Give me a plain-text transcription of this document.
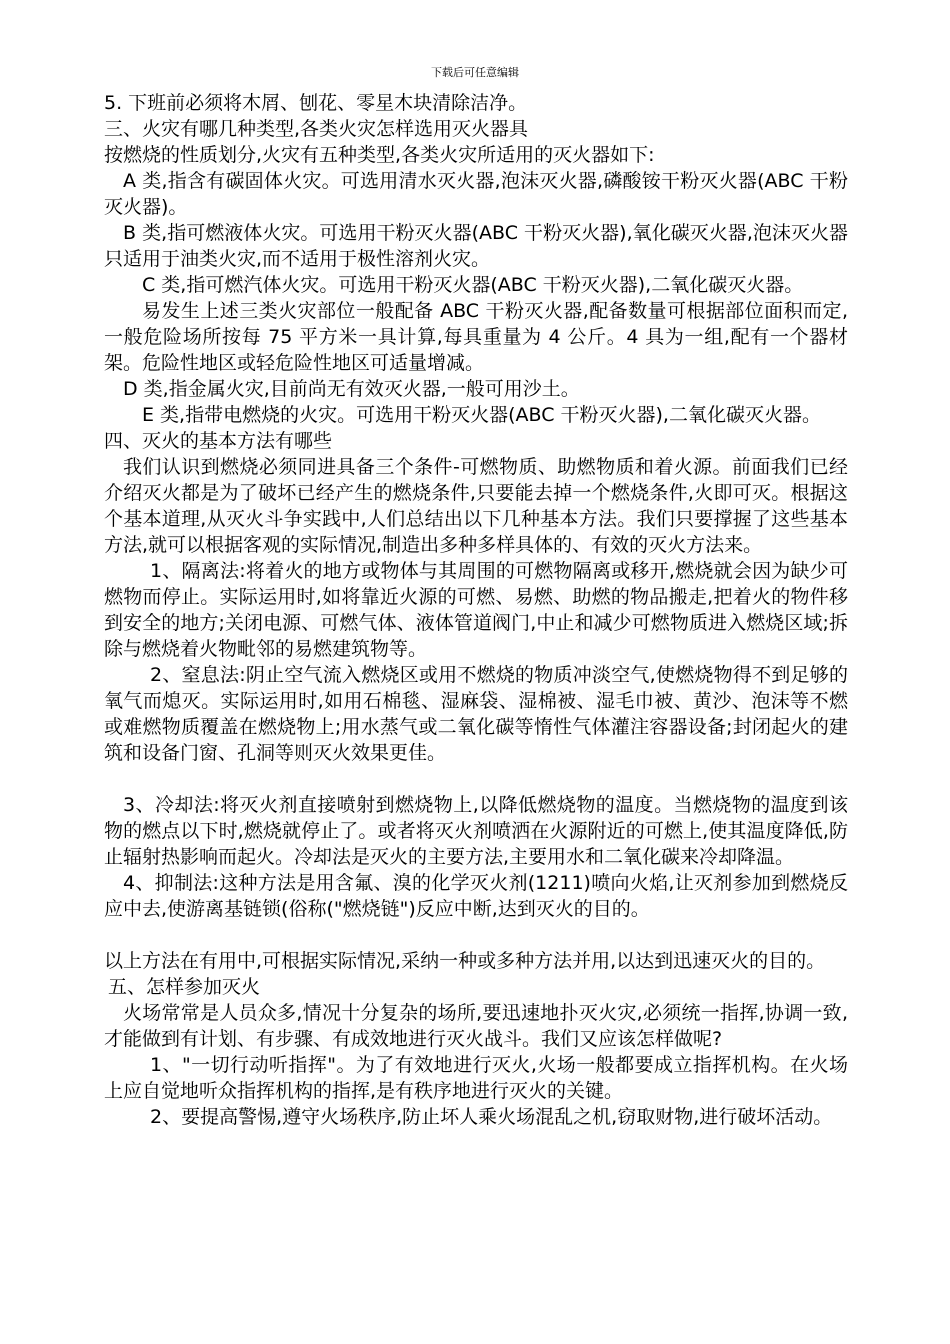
下载后可任意编辑

5. 下班前必须将木屑、刨花、零星木块清除洁净。

三、火灾有哪几种类型,各类火灾怎样选用灭火器具

按燃烧的性质划分,火灾有五种类型,各类火灾所适用的灭火器如下:

A 类,指含有碳固体火灾。可选用清水灭火器,泡沫灭火器,磷酸铵干粉灭火器(ABC 干粉灭火器)。

B 类,指可燃液体火灾。可选用干粉灭火器(ABC 干粉灭火器),氧化碳灭火器,泡沫灭火器只适用于油类火灾,而不适用于极性溶剂火灾。

C 类,指可燃汽体火灾。可选用干粉灭火器(ABC 干粉灭火器),二氧化碳灭火器。

易发生上述三类火灾部位一般配备 ABC 干粉灭火器,配备数量可根据部位面积而定,一般危险场所按每 75 平方米一具计算,每具重量为 4 公斤。4 具为一组,配有一个器材架。危险性地区或轻危险性地区可适量增减。

D 类,指金属火灾,目前尚无有效灭火器,一般可用沙土。

E 类,指带电燃烧的火灾。可选用干粉灭火器(ABC 干粉灭火器),二氧化碳灭火器。

四、灭火的基本方法有哪些

我们认识到燃烧必须同进具备三个条件-可燃物质、助燃物质和着火源。前面我们已经介绍灭火都是为了破坏已经产生的燃烧条件,只要能去掉一个燃烧条件,火即可灭。根据这个基本道理,从灭火斗争实践中,人们总结出以下几种基本方法。我们只要撑握了这些基本方法,就可以根据客观的实际情况,制造出多种多样具体的、有效的灭火方法来。

1、隔离法:将着火的地方或物体与其周围的可燃物隔离或移开,燃烧就会因为缺少可燃物而停止。实际运用时,如将靠近火源的可燃、易燃、助燃的物品搬走,把着火的物件移到安全的地方;关闭电源、可燃气体、液体管道阀门,中止和减少可燃物质进入燃烧区域;拆除与燃烧着火物毗邻的易燃建筑物等。

2、窒息法:阴止空气流入燃烧区或用不燃烧的物质冲淡空气,使燃烧物得不到足够的氧气而熄灭。实际运用时,如用石棉毯、湿麻袋、湿棉被、湿毛巾被、黄沙、泡沫等不燃或难燃物质覆盖在燃烧物上;用水蒸气或二氧化碳等惰性气体灌注容器设备;封闭起火的建筑和设备门窗、孔洞等则灭火效果更佳。

3、冷却法:将灭火剂直接喷射到燃烧物上,以降低燃烧物的温度。当燃烧物的温度到该物的燃点以下时,燃烧就停止了。或者将灭火剂喷洒在火源附近的可燃上,使其温度降低,防止辐射热影响而起火。冷却法是灭火的主要方法,主要用水和二氧化碳来冷却降温。

4、抑制法:这种方法是用含氟、溴的化学灭火剂(1211)喷向火焰,让灭剂参加到燃烧反应中去,使游离基链锁(俗称("燃烧链")反应中断,达到灭火的目的。

以上方法在有用中,可根据实际情况,采纳一种或多种方法并用,以达到迅速灭火的目的。

五、怎样参加灭火

火场常常是人员众多,情况十分复杂的场所,要迅速地扑灭火灾,必须统一指挥,协调一致,才能做到有计划、有步骤、有成效地进行灭火战斗。我们又应该怎样做呢?

1、"一切行动听指挥"。为了有效地进行灭火,火场一般都要成立指挥机构。在火场上应自觉地听众指挥机构的指挥,是有秩序地进行灭火的关键。

2、要提高警惕,遵守火场秩序,防止坏人乘火场混乱之机,窃取财物,进行破坏活动。
